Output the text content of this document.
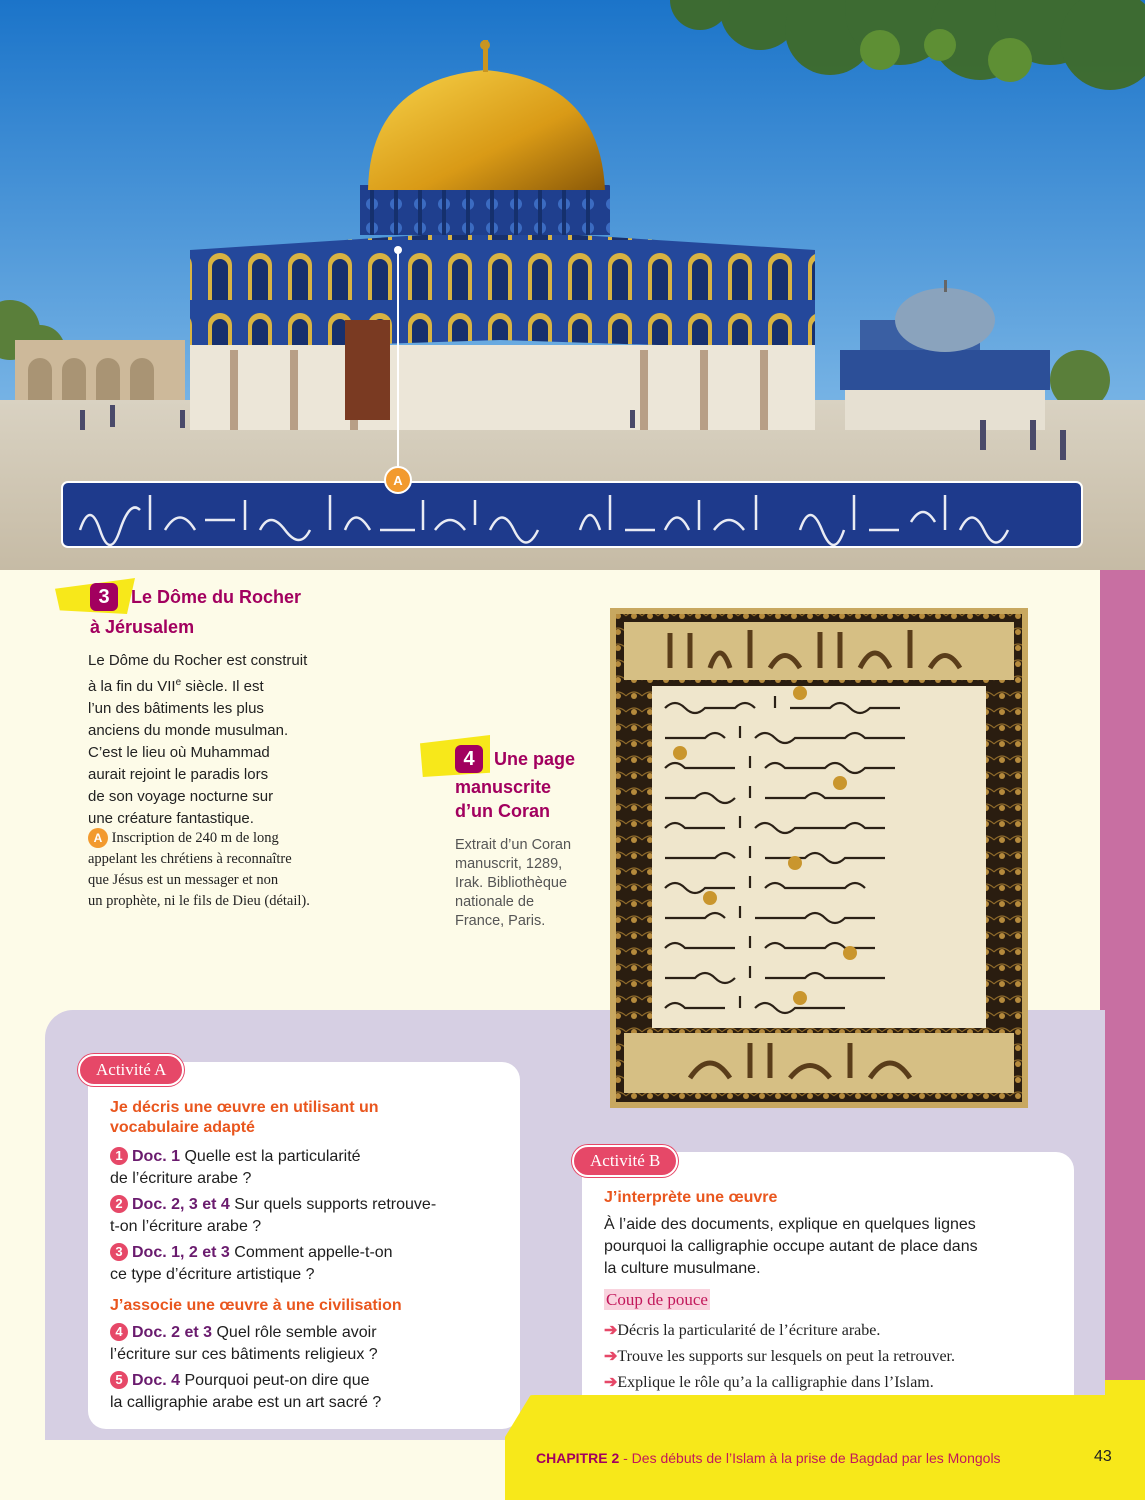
A
3 Le Dôme du Rocher
à Jérusalem
Le Dôme du Rocher est construit
à la fin du VIIe siècle. Il est
l’un des bâtiments les plus
anciens du monde musulman.
C’est le lieu où Muhammad
aurait rejoint le paradis lors
de son voyage nocturne sur
une créature fantastique.
A Inscription de 240 m de long
appelant les chrétiens à reconnaître
que Jésus est un messager et non
un prophète, ni le fils de Dieu (détail).
4 Une page
manuscrite
d’un Coran
Extrait d’un Coran
manuscrit, 1289,
Irak. Bibliothèque
nationale de
France, Paris.
Activité A
Je décris une œuvre en utilisant un
vocabulaire adapté
1 Doc. 1 Quelle est la particularité
de l’écriture arabe ?
2 Doc. 2, 3 et 4 Sur quels supports retrouve-
t-on l’écriture arabe ?
3 Doc. 1, 2 et 3 Comment appelle-t-on
ce type d’écriture artistique ?
J’associe une œuvre à une civilisation
4 Doc. 2 et 3 Quel rôle semble avoir
l’écriture sur ces bâtiments religieux ?
5 Doc. 4 Pourquoi peut-on dire que
la calligraphie arabe est un art sacré ?
Activité B
J’interprète une œuvre
À l’aide des documents, explique en quelques lignes
pourquoi la calligraphie occupe autant de place dans
la culture musulmane.
Coup de pouce
➔Décris la particularité de l’écriture arabe.
➔Trouve les supports sur lesquels on peut la retrouver.
➔Explique le rôle qu’a la calligraphie dans l’Islam.
CHAPITRE 2 - Des débuts de l’Islam à la prise de Bagdad par les Mongols	43
